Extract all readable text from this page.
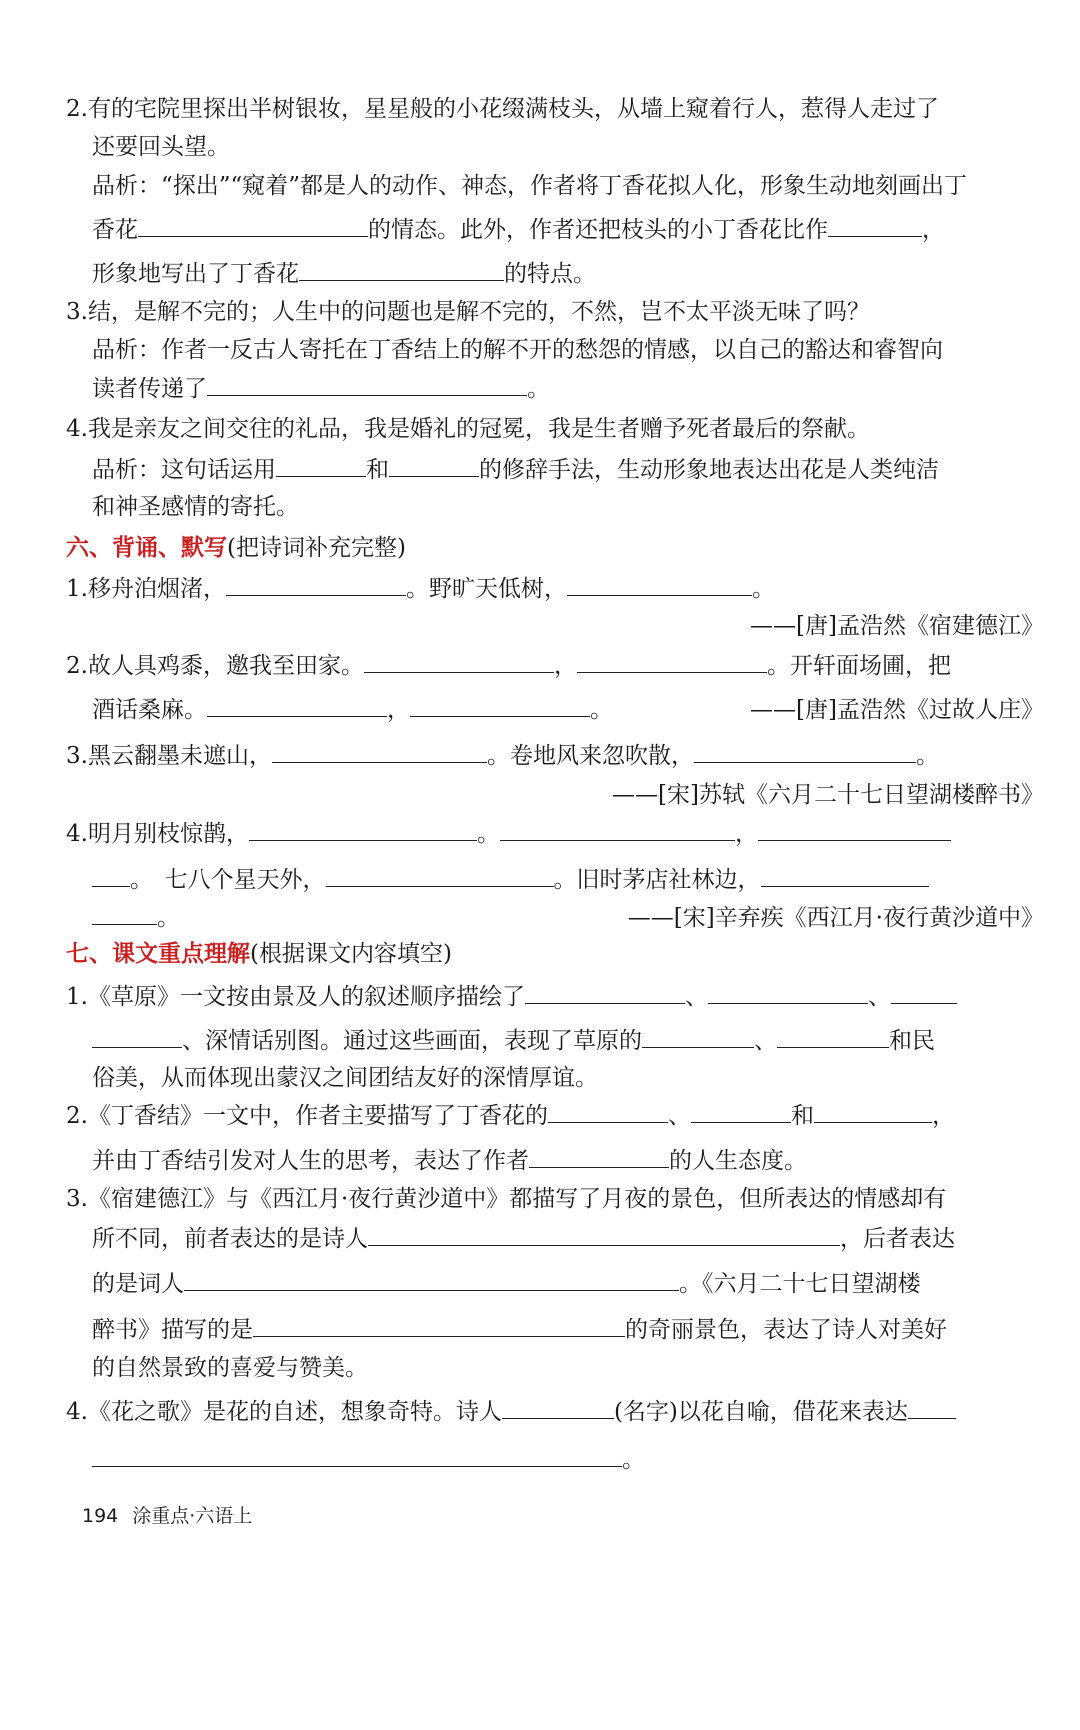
2.有的宅院里探出半树银妆，星星般的小花缀满枝头，从墙上窥着行人，惹得人走过了
还要回头望。
品析：“探出”“窥着”都是人的动作、神态，作者将丁香花拟人化，形象生动地刻画出丁
香花	的情态。此外，作者还把枝头的小丁香花比作	，
形象地写出了丁香花	的特点。
3.结，是解不完的；人生中的问题也是解不完的，不然，岂不太平淡无味了吗？
品析：作者一反古人寄托在丁香结上的解不开的愁怨的情感，以自己的豁达和睿智向
读者传递了	。
4.我是亲友之间交往的礼品，我是婚礼的冠冕，我是生者赠予死者最后的祭献。
品析：这句话运用	和	的修辞手法，生动形象地表达出花是人类纯洁
和神圣感情的寄托。
六、背诵、默写(把诗词补充完整)
1.移舟泊烟渚，	。野旷天低树，	。
——[唐]孟浩然《宿建德江》
2.故人具鸡黍，邀我至田家。	，	。开轩面场圃，把
酒话桑麻。	，	。	——[唐]孟浩然《过故人庄》
3.黑云翻墨未遮山，	。卷地风来忽吹散，	。
——[宋]苏轼《六月二十七日望湖楼醉书》
4.明月别枝惊鹊，	。	，
。　七八个星天外，	。旧时茅店社林边，
。	——[宋]辛弃疾《西江月·夜行黄沙道中》
七、课文重点理解(根据课文内容填空)
1.《草原》一文按由景及人的叙述顺序描绘了	、	、
、深情话别图。通过这些画面，表现了草原的	、	和民
俗美，从而体现出蒙汉之间团结友好的深情厚谊。
2.《丁香结》一文中，作者主要描写了丁香花的	、	和	，
并由丁香结引发对人生的思考，表达了作者	的人生态度。
3.《宿建德江》与《西江月·夜行黄沙道中》都描写了月夜的景色，但所表达的情感却有
所不同，前者表达的是诗人	，后者表达
的是词人	。《六月二十七日望湖楼
醉书》描写的是	的奇丽景色，表达了诗人对美好
的自然景致的喜爱与赞美。
4.《花之歌》是花的自述，想象奇特。诗人	(名字)以花自喻，借花来表达
。
194 涂重点·六语上
